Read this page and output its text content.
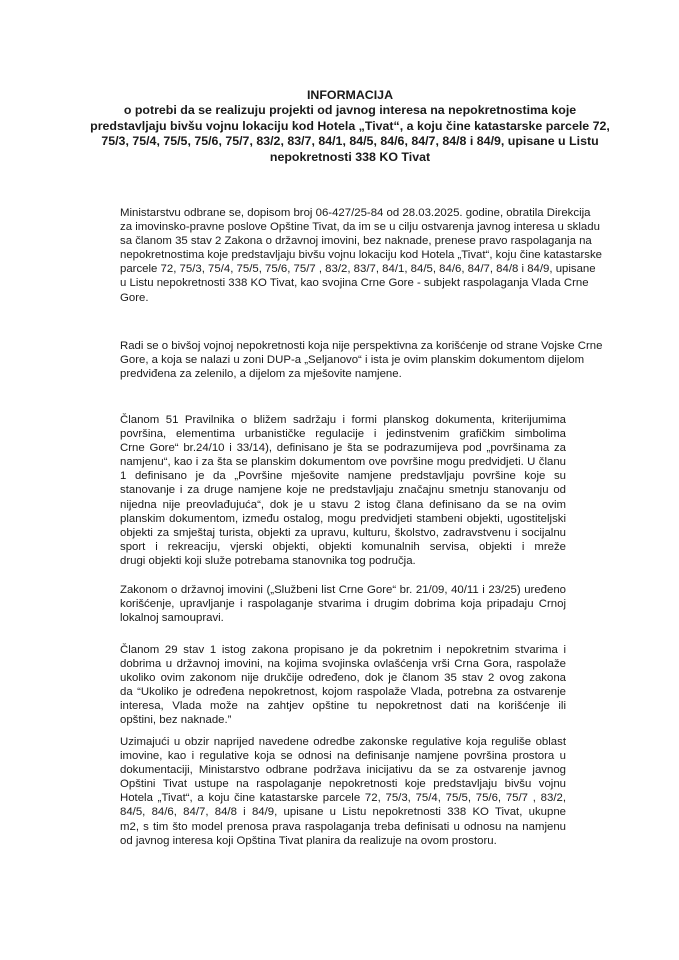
INFORMACIJA
o potrebi da se realizuju projekti od javnog interesa na nepokretnostima koje
predstavljaju bivšu vojnu lokaciju kod Hotela „Tivat“, a koju čine katastarske parcele 72,
75/3, 75/4, 75/5, 75/6, 75/7, 83/2, 83/7, 84/1, 84/5, 84/6, 84/7, 84/8 i 84/9, upisane u Listu
nepokretnosti 338 KO Tivat
Ministarstvu odbrane se, dopisom broj 06-427/25-84 od 28.03.2025. godine, obratila Direkcija
za imovinsko-pravne poslove Opštine Tivat, da im se u cilju ostvarenja javnog interesa u skladu
sa članom 35 stav 2 Zakona o državnoj imovini, bez naknade, prenese pravo raspolaganja na
nepokretnostima koje predstavljaju bivšu vojnu lokaciju kod Hotela „Tivat“, koju čine katastarske
parcele 72, 75/3, 75/4, 75/5, 75/6, 75/7 , 83/2, 83/7, 84/1, 84/5, 84/6, 84/7, 84/8 i 84/9, upisane
u Listu nepokretnosti 338 KO Tivat, kao svojina Crne Gore - subjekt raspolaganja Vlada Crne
Gore.
Radi se o bivšoj vojnoj nepokretnosti koja nije perspektivna za korišćenje od strane Vojske Crne
Gore, a koja se nalazi u zoni DUP-a „Seljanovo“ i ista je ovim planskim dokumentom dijelom
predviđena za zelenilo, a dijelom za mješovite namjene.
Članom 51 Pravilnika o bližem sadržaju i formi planskog dokumenta, kriterijumima
površina, elementima urbanističke regulacije i jedinstvenim grafičkim simbolima
Crne Gore“ br.24/10 i 33/14), definisano je šta se podrazumijeva pod „površinama za
namjenu“, kao i za šta se planskim dokumentom ove površine mogu predvidjeti. U članu
1 definisano je da „Površine mješovite namjene predstavljaju površine koje su
stanovanje i za druge namjene koje ne predstavljaju značajnu smetnju stanovanju od
nijedna nije preovlađujuća“, dok je u stavu 2 istog člana definisano da se na ovim
planskim dokumentom, između ostalog, mogu predvidjeti stambeni objekti, ugostiteljski
objekti za smještaj turista, objekti za upravu, kulturu, školstvo, zadravstvenu i socijalnu
sport i rekreaciju, vjerski objekti, objekti komunalnih servisa, objekti i mreže
drugi objekti koji služe potrebama stanovnika tog područja.
Zakonom o državnoj imovini („Službeni list Crne Gore“ br. 21/09, 40/11 i 23/25) uređeno
korišćenje, upravljanje i raspolaganje stvarima i drugim dobrima koja pripadaju Crnoj
lokalnoj samoupravi.
Članom 29 stav 1 istog zakona propisano je da pokretnim i nepokretnim stvarima i
dobrima u državnoj imovini, na kojima svojinska ovlašćenja vrši Crna Gora, raspolaže
ukoliko ovim zakonom nije drukčije određeno, dok je članom 35 stav 2 ovog zakona
da “Ukoliko je određena nepokretnost, kojom raspolaže Vlada, potrebna za ostvarenje
interesa, Vlada može na zahtjev opštine tu nepokretnost dati na korišćenje ili
opštini, bez naknade.”
Uzimajući u obzir naprijed navedene odredbe zakonske regulative koja reguliše oblast
imovine, kao i regulative koja se odnosi na definisanje namjene površina prostora u
dokumentaciji, Ministarstvo odbrane podržava inicijativu da se za ostvarenje javnog
Opštini Tivat ustupe na raspolaganje nepokretnosti koje predstavljaju bivšu vojnu
Hotela „Tivat“, a koju čine katastarske parcele 72, 75/3, 75/4, 75/5, 75/6, 75/7 , 83/2,
84/5, 84/6, 84/7, 84/8 i 84/9, upisane u Listu nepokretnosti 338 KO Tivat, ukupne
m2, s tim što model prenosa prava raspolaganja treba definisati u odnosu na namjenu
od javnog interesa koji Opština Tivat planira da realizuje na ovom prostoru.
